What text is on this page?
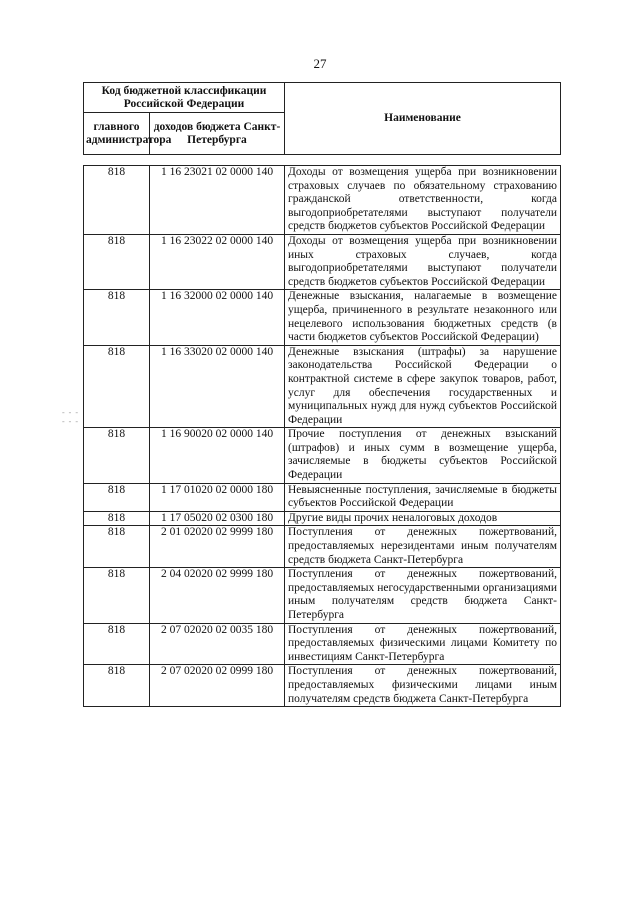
27
Код бюджетной классификации Российской Федерации		Наименование
главного администратора	доходов бюджета Санкт-Петербурга	
818	1 16 23021 02 0000 140	Доходы от возмещения ущерба при возникновении страховых случаев по обязательному страхованию гражданской ответственности, когда выгодоприобретателями выступают получатели средств бюджетов субъектов Российской Федерации
818	1 16 23022 02 0000 140	Доходы от возмещения ущерба при возникновении иных страховых случаев, когда выгодоприобретателями выступают получатели средств бюджетов субъектов Российской Федерации
818	1 16 32000 02 0000 140	Денежные взыскания, налагаемые в возмещение ущерба, причиненного в результате незаконного или нецелевого использования бюджетных средств (в части бюджетов субъектов Российской Федерации)
818	1 16 33020 02 0000 140	Денежные взыскания (штрафы) за нарушение законодательства Российской Федерации о контрактной системе в сфере закупок товаров, работ, услуг для обеспечения государственных и муниципальных нужд для нужд субъектов Российской Федерации
818	1 16 90020 02 0000 140	Прочие поступления от денежных взысканий (штрафов) и иных сумм в возмещение ущерба, зачисляемые в бюджеты субъектов Российской Федерации
818	1 17 01020 02 0000 180	Невыясненные поступления, зачисляемые в бюджеты субъектов Российской Федерации
818	1 17 05020 02 0300 180	Другие виды прочих неналоговых доходов
818	2 01 02020 02 9999 180	Поступления от денежных пожертвований, предоставляемых нерезидентами иным получателям средств бюджета Санкт-Петербурга
818	2 04 02020 02 9999 180	Поступления от денежных пожертвований, предоставляемых негосударственными организациями иным получателям средств бюджета Санкт-Петербурга
818	2 07 02020 02 0035 180	Поступления от денежных пожертвований, предоставляемых физическими лицами Комитету по инвестициям Санкт-Петербурга
818	2 07 02020 02 0999 180	Поступления от денежных пожертвований, предоставляемых физическими лицами иным получателям средств бюджета Санкт-Петербурга
- - -
- - -
